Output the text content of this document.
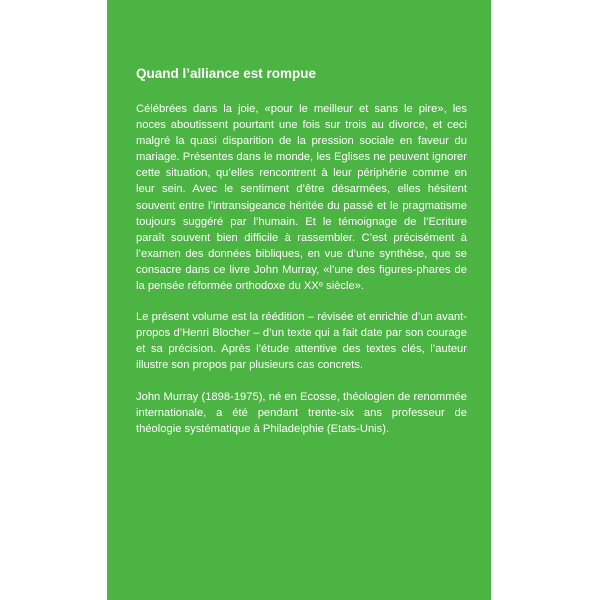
Quand l’alliance est rompue

Célébrées dans la joie, «pour le meilleur et sans le pire», les noces aboutissent pourtant une fois sur trois au divorce, et ceci malgré la quasi disparition de la pression sociale en faveur du mariage. Présentes dans le monde, les Eglises ne peuvent ignorer cette situation, qu’elles rencontrent à leur périphérie comme en leur sein. Avec le sentiment d’être désarmées, elles hésitent souvent entre l’intransigeance héritée du passé et le pragmatisme toujours suggéré par l’humain. Et le témoignage de l’Ecriture paraît souvent bien difficile à rassembler. C’est précisément à l’examen des données bibliques, en vue d’une synthèse, que se consacre dans ce livre John Murray, «l’une des figures-phares de la pensée réformée orthodoxe du XXᵉ siècle».

Le présent volume est la réédition – révisée et enrichie d’un avant-propos d’Henri Blocher – d’un texte qui a fait date par son courage et sa précision. Après l’étude attentive des textes clés, l’auteur illustre son propos par plusieurs cas concrets.

John Murray (1898-1975), né en Ecosse, théologien de renommée internationale, a été pendant trente-six ans professeur de théologie systématique à Philadelphie (Etats-Unis).
